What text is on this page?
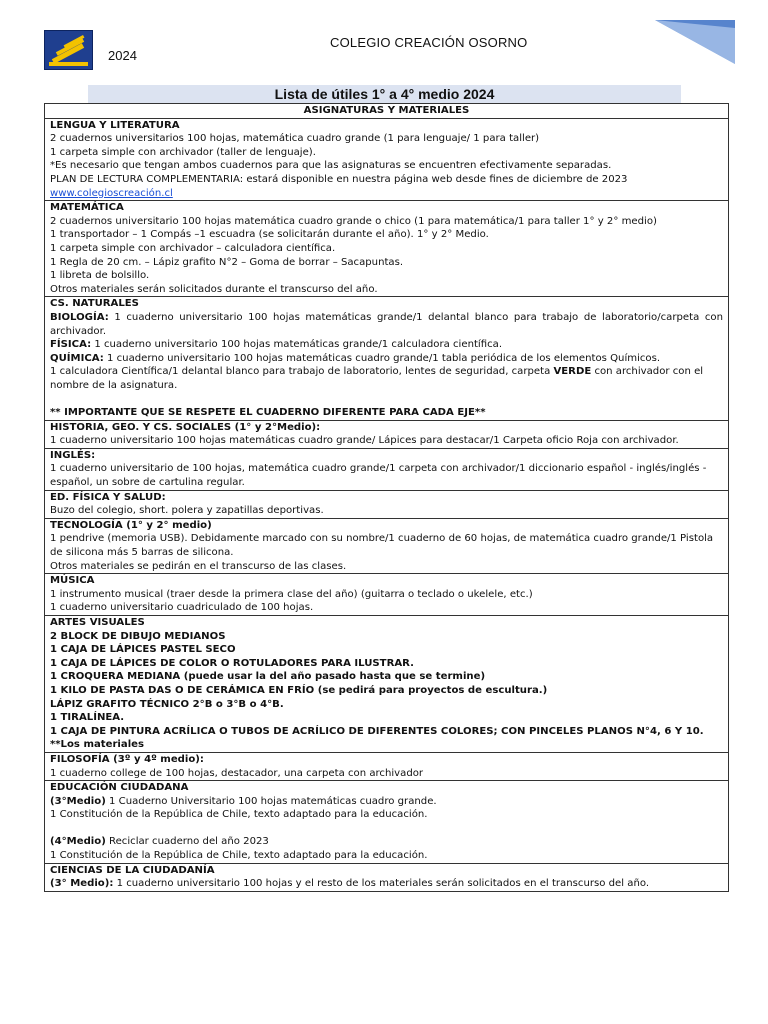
2024
COLEGIO CREACIÓN OSORNO
Lista de útiles 1° a 4° medio 2024
ASIGNATURAS Y MATERIALES

LENGUA Y LITERATURA
2 cuadernos universitarios 100 hojas, matemática cuadro grande (1 para lenguaje/ 1 para taller)
1 carpeta simple con archivador (taller de lenguaje).
*Es necesario que tengan ambos cuadernos para que las asignaturas se encuentren efectivamente separadas.
PLAN DE LECTURA COMPLEMENTARIA: estará disponible en nuestra página web desde fines de diciembre de 2023
www.colegioscreación.cl

MATEMÁTICA
2 cuadernos universitario 100 hojas matemática cuadro grande o chico (1 para matemática/1 para taller 1° y 2° medio)
1 transportador – 1 Compás –1 escuadra (se solicitarán durante el año). 1° y 2° Medio.
1 carpeta simple con archivador – calculadora científica.
1 Regla de 20 cm. – Lápiz grafito N°2 – Goma de borrar – Sacapuntas.
1 libreta de bolsillo.
Otros materiales serán solicitados durante el transcurso del año.

CS. NATURALES
BIOLOGÍA: 1 cuaderno universitario 100 hojas matemáticas grande/1 delantal blanco para trabajo de laboratorio/carpeta con archivador.
FÍSICA: 1 cuaderno universitario 100 hojas matemáticas grande/1 calculadora científica.
QUÍMICA: 1 cuaderno universitario 100 hojas matemáticas cuadro grande/1 tabla periódica de los elementos Químicos.
1 calculadora Científica/1 delantal blanco para trabajo de laboratorio, lentes de seguridad, carpeta VERDE con archivador con el nombre de la asignatura.
** IMPORTANTE QUE SE RESPETE EL CUADERNO DIFERENTE PARA CADA EJE**

HISTORIA, GEO. Y CS. SOCIALES (1° y 2°Medio):
1 cuaderno universitario 100 hojas matemáticas cuadro grande/ Lápices para destacar/1 Carpeta oficio Roja con archivador.

INGLÉS:
1 cuaderno universitario de 100 hojas, matemática cuadro grande/1 carpeta con archivador/1 diccionario español - inglés/inglés - español, un sobre de cartulina regular.

ED. FÍSICA Y SALUD:
Buzo del colegio, short. polera y zapatillas deportivas.

TECNOLOGÍA (1° y 2° medio)
1 pendrive (memoria USB). Debidamente marcado con su nombre/1 cuaderno de 60 hojas, de matemática cuadro grande/1 Pistola de silicona más 5 barras de silicona.
Otros materiales se pedirán en el transcurso de las clases.

MÚSICA
1 instrumento musical (traer desde la primera clase del año) (guitarra o teclado o ukelele, etc.)
1 cuaderno universitario cuadriculado de 100 hojas.

ARTES VISUALES
2 BLOCK DE DIBUJO MEDIANOS
1 CAJA DE LÁPICES PASTEL SECO
1 CAJA DE LÁPICES DE COLOR O ROTULADORES PARA ILUSTRAR.
1 CROQUERA MEDIANA (puede usar la del año pasado hasta que se termine)
1 KILO DE PASTA DAS O DE CERÁMICA EN FRÍO (se pedirá para proyectos de escultura.)
LÁPIZ GRAFITO TÉCNICO 2°B o 3°B o 4°B.
1 TIRALÍNEA.
1 CAJA DE PINTURA ACRÍLICA O TUBOS DE ACRÍLICO DE DIFERENTES COLORES; CON PINCELES PLANOS N°4, 6 Y 10.
**Los materiales

FILOSOFÍA (3º y 4º medio):
1 cuaderno college de 100 hojas, destacador, una carpeta con archivador

EDUCACIÓN CIUDADANA
(3°Medio) 1 Cuaderno Universitario 100 hojas matemáticas cuadro grande.
1 Constitución de la República de Chile, texto adaptado para la educación.
(4°Medio) Reciclar cuaderno del año 2023
1 Constitución de la República de Chile, texto adaptado para la educación.

CIENCIAS DE LA CIUDADANÍA
(3° Medio): 1 cuaderno universitario 100 hojas y el resto de los materiales serán solicitados en el transcurso del año.
